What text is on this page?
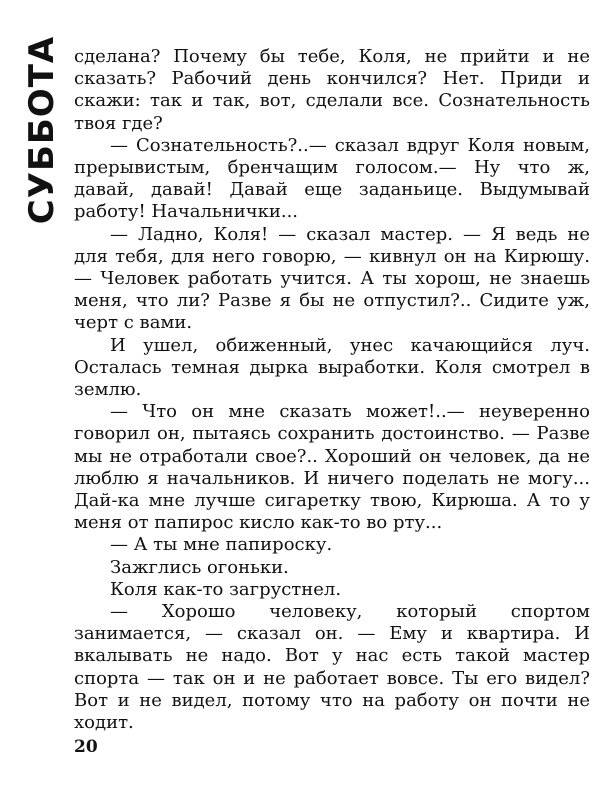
СУББОТА сделана? Почему бы тебе, Коля, не прийти и не сказать? Рабочий день кончился? Нет. Приди и скажи: так и так, вот, сделали все. Сознательность твоя где?

— Сознательность?..— сказал вдруг Коля новым, прерывистым, бренчащим голосом.— Ну что ж, давай, давай! Давай еще заданьице. Выдумывай работу! Начальнички...

— Ладно, Коля! — сказал мастер. — Я ведь не для тебя, для него говорю, — кивнул он на Кирюшу. — Человек работать учится. А ты хорош, не знаешь меня, что ли? Разве я бы не отпустил?.. Сидите уж, черт с вами.

И ушел, обиженный, унес качающийся луч. Осталась темная дырка выработки. Коля смотрел в землю.

— Что он мне сказать может!..— неуверенно говорил он, пытаясь сохранить достоинство. — Разве мы не отработали свое?.. Хороший он человек, да не люблю я начальников. И ничего поделать не могу... Дай-ка мне лучше сигаретку твою, Кирюша. А то у меня от папирос кисло как-то во рту...

— А ты мне папироску.

Зажглись огоньки.

Коля как-то загрустнел.

— Хорошо человеку, который спортом занимается, — сказал он. — Ему и квартира. И вкалывать не надо. Вот у нас есть такой мастер спорта — так он и не работает вовсе. Ты его видел? Вот и не видел, потому что на работу он почти не ходит.

20
